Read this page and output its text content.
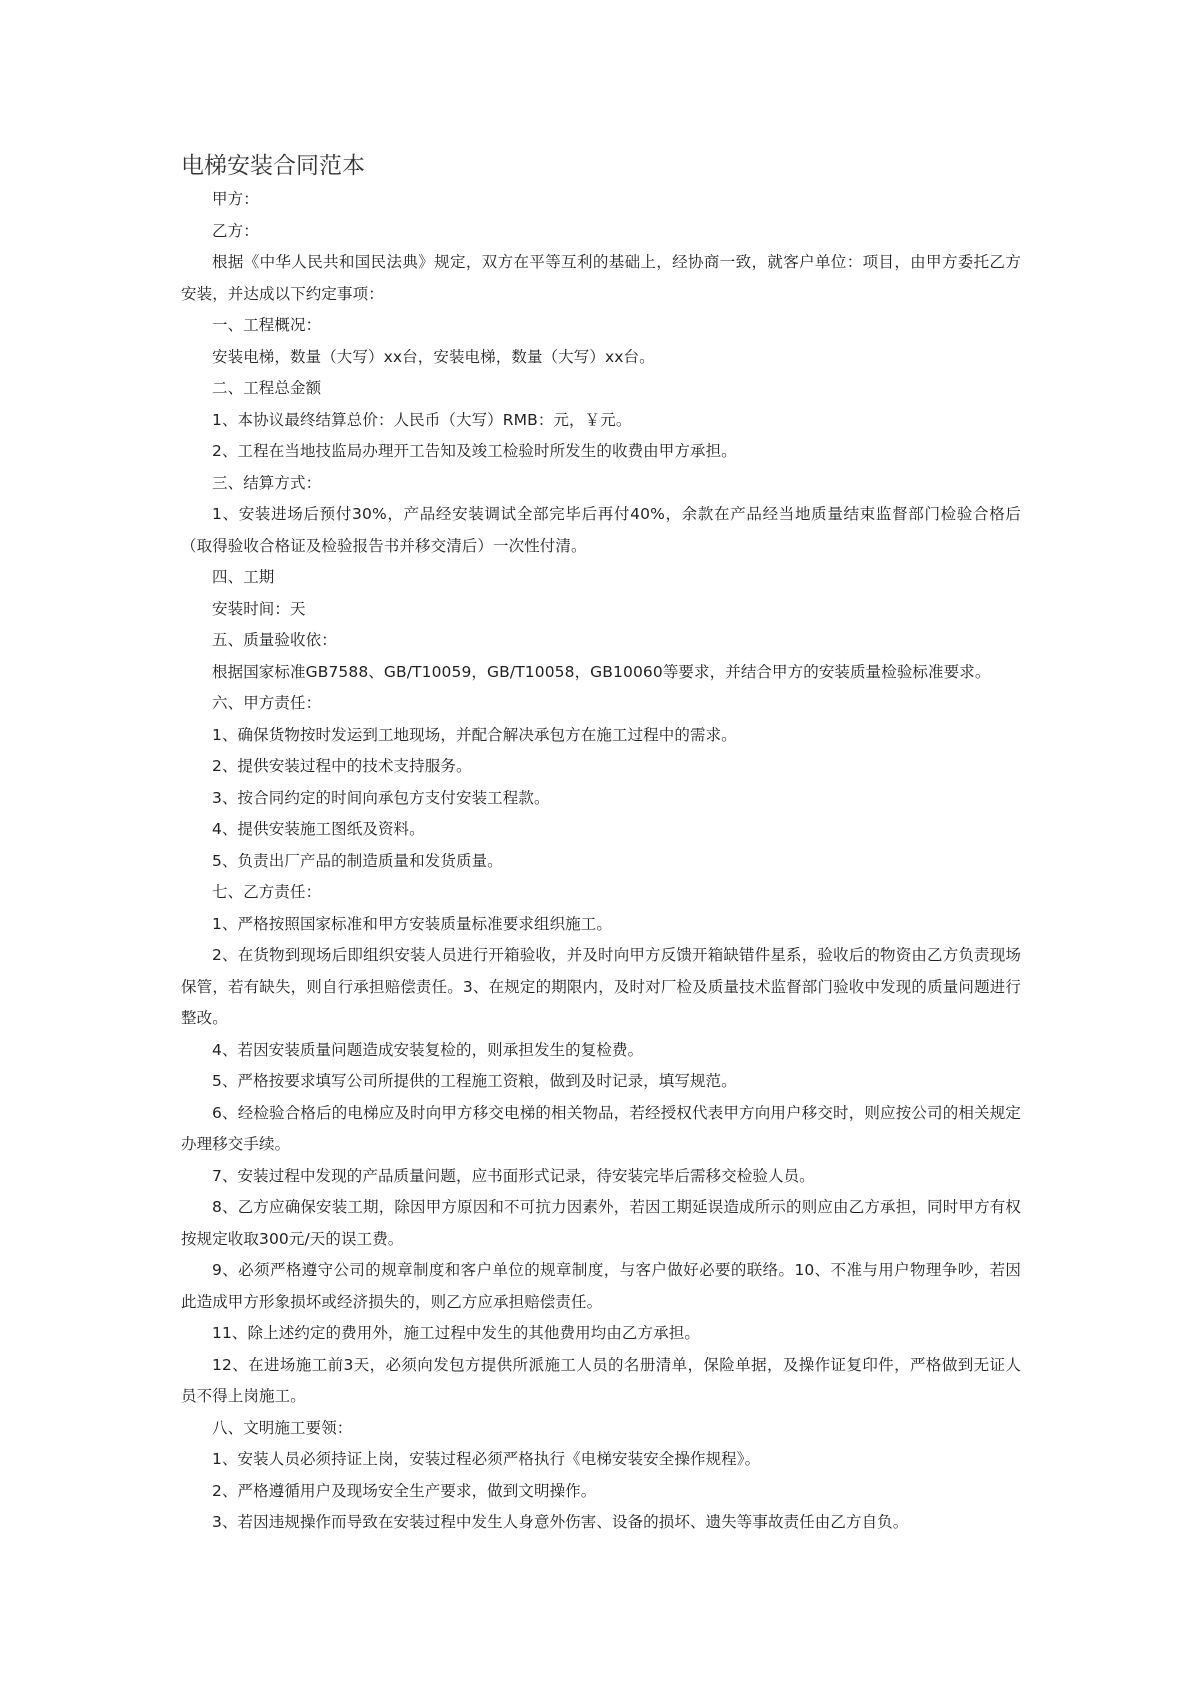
电梯安装合同范本

甲方：

乙方：

根据《中华人民共和国民法典》规定，双方在平等互利的基础上，经协商一致，就客户单位：项目，由甲方委托乙方安装，并达成以下约定事项：

一、工程概况：

安装电梯，数量（大写）xx台，安装电梯，数量（大写）xx台。

二、工程总金额

1、本协议最终结算总价：人民币（大写）RMB：元，￥元。

2、工程在当地技监局办理开工告知及竣工检验时所发生的收费由甲方承担。

三、结算方式：

1、安装进场后预付30%，产品经安装调试全部完毕后再付40%，余款在产品经当地质量结束监督部门检验合格后（取得验收合格证及检验报告书并移交清后）一次性付清。

四、工期

安装时间：天

五、质量验收依：

根据国家标准GB7588、GB/T10059，GB/T10058，GB10060等要求，并结合甲方的安装质量检验标准要求。

六、甲方责任：

1、确保货物按时发运到工地现场，并配合解决承包方在施工过程中的需求。

2、提供安装过程中的技术支持服务。

3、按合同约定的时间向承包方支付安装工程款。

4、提供安装施工图纸及资料。

5、负责出厂产品的制造质量和发货质量。

七、乙方责任：

1、严格按照国家标准和甲方安装质量标准要求组织施工。

2、在货物到现场后即组织安装人员进行开箱验收，并及时向甲方反馈开箱缺错件星系，验收后的物资由乙方负责现场保管，若有缺失，则自行承担赔偿责任。3、在规定的期限内，及时对厂检及质量技术监督部门验收中发现的质量问题进行整改。

4、若因安装质量问题造成安装复检的，则承担发生的复检费。

5、严格按要求填写公司所提供的工程施工资粮，做到及时记录，填写规范。

6、经检验合格后的电梯应及时向甲方移交电梯的相关物品，若经授权代表甲方向用户移交时，则应按公司的相关规定办理移交手续。

7、安装过程中发现的产品质量问题，应书面形式记录，待安装完毕后需移交检验人员。

8、乙方应确保安装工期，除因甲方原因和不可抗力因素外，若因工期延误造成所示的则应由乙方承担，同时甲方有权按规定收取300元/天的误工费。

9、必须严格遵守公司的规章制度和客户单位的规章制度，与客户做好必要的联络。10、不准与用户物理争吵，若因此造成甲方形象损坏或经济损失的，则乙方应承担赔偿责任。

11、除上述约定的费用外，施工过程中发生的其他费用均由乙方承担。

12、在进场施工前3天，必须向发包方提供所派施工人员的名册清单，保险单据，及操作证复印件，严格做到无证人员不得上岗施工。

八、文明施工要领：

1、安装人员必须持证上岗，安装过程必须严格执行《电梯安装安全操作规程》。

2、严格遵循用户及现场安全生产要求，做到文明操作。

3、若因违规操作而导致在安装过程中发生人身意外伤害、设备的损坏、遗失等事故责任由乙方自负。
